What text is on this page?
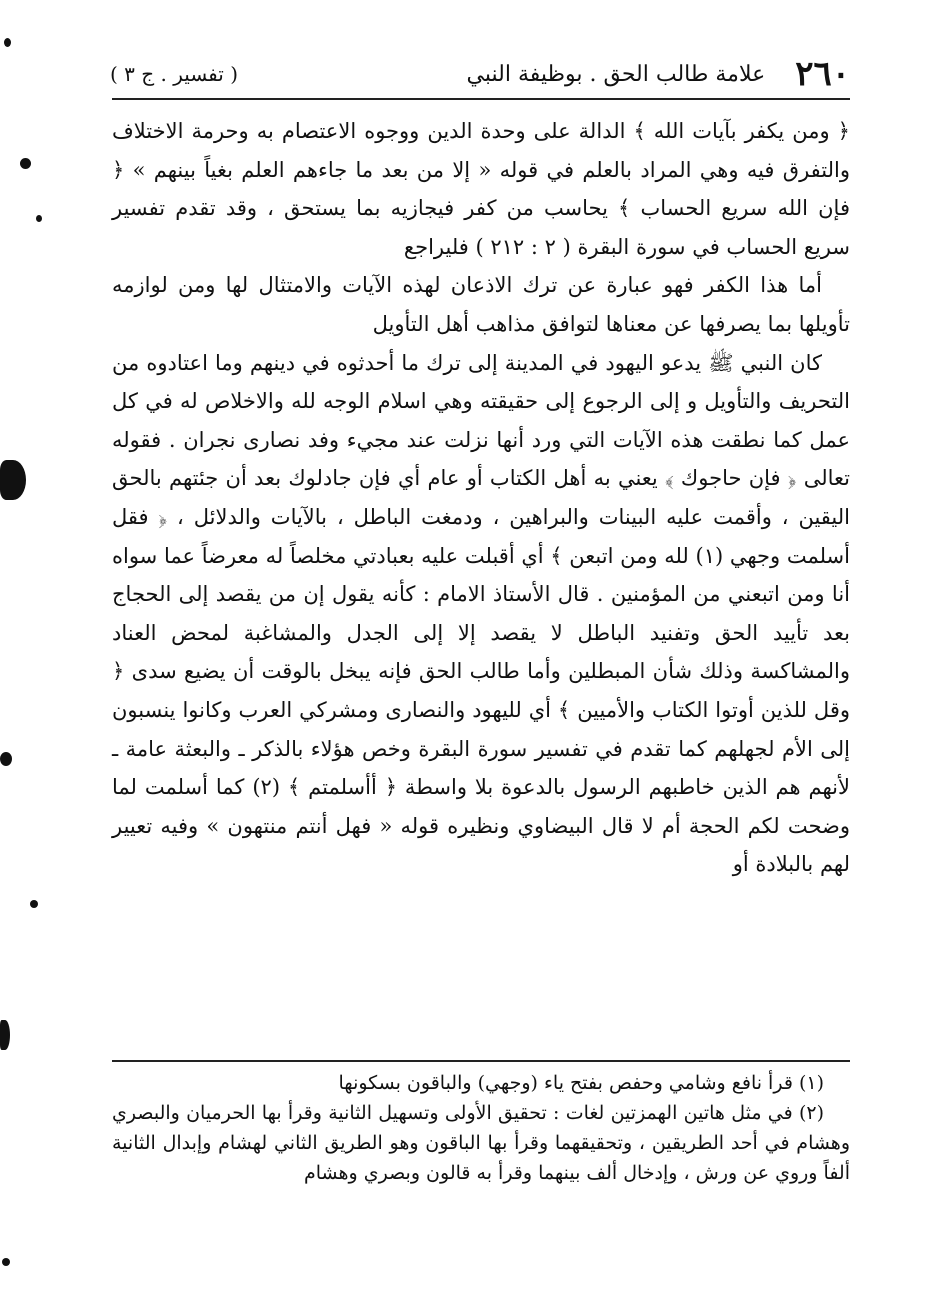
٢٦٠
علامة طالب الحق . بوظيفة النبي
( تفسير . ج ٣ )

﴿ ومن يكفر بآيات الله ﴾ الدالة على وحدة الدين ووجوه الاعتصام به وحرمة الاختلاف والتفرق فيه وهي المراد بالعلم في قوله « إلا من بعد ما جاءهم العلم بغياً بينهم » ﴿ فإن الله سريع الحساب ﴾ يحاسب من كفر فيجازيه بما يستحق ، وقد تقدم تفسير سريع الحساب في سورة البقرة ( ٢ : ٢١٢ ) فليراجع

أما هذا الكفر فهو عبارة عن ترك الاذعان لهذه الآيات والامتثال لها ومن لوازمه تأويلها بما يصرفها عن معناها لتوافق مذاهب أهل التأويل

كان النبي ﷺ يدعو اليهود في المدينة إلى ترك ما أحدثوه في دينهم وما اعتادوه من التحريف والتأويل و إلى الرجوع إلى حقيقته وهي اسلام الوجه لله والاخلاص له في كل عمل كما نطقت هذه الآيات التي ورد أنها نزلت عند مجيء وفد نصارى نجران . فقوله تعالى ﴿ فإن حاجوك ﴾ يعني به أهل الكتاب أو عام أي فإن جادلوك بعد أن جئتهم بالحق اليقين ، وأقمت عليه البينات والبراهين ، ودمغت الباطل ، بالآيات والدلائل ، ﴿ فقل أسلمت وجهي (١) لله ومن اتبعن ﴾ أي أقبلت عليه بعبادتي مخلصاً له معرضاً عما سواه أنا ومن اتبعني من المؤمنين . قال الأستاذ الامام : كأنه يقول إن من يقصد إلى الحجاج بعد تأييد الحق وتفنيد الباطل لا يقصد إلا إلى الجدل والمشاغبة لمحض العناد والمشاكسة وذلك شأن المبطلين وأما طالب الحق فإنه يبخل بالوقت أن يضيع سدى ﴿ وقل للذين أوتوا الكتاب والأميين ﴾ أي لليهود والنصارى ومشركي العرب وكانوا ينسبون إلى الأم لجهلهم كما تقدم في تفسير سورة البقرة وخص هؤلاء بالذكر ـ والبعثة عامة ـ لأنهم هم الذين خاطبهم الرسول بالدعوة بلا واسطة ﴿ أأسلمتم ﴾ (٢) كما أسلمت لما وضحت لكم الحجة أم لا قال البيضاوي ونظيره قوله « فهل أنتم منتهون » وفيه تعيير لهم بالبلادة أو

(١) قرأ نافع وشامي وحفص بفتح ياء (وجهي) والباقون بسكونها

(٢) في مثل هاتين الهمزتين لغات : تحقيق الأولى وتسهيل الثانية وقرأ بها الحرميان والبصري وهشام في أحد الطريقين ، وتحقيقهما وقرأ بها الباقون وهو الطريق الثاني لهشام وإبدال الثانية ألفاً وروي عن ورش ، وإدخال ألف بينهما وقرأ به قالون وبصري وهشام
